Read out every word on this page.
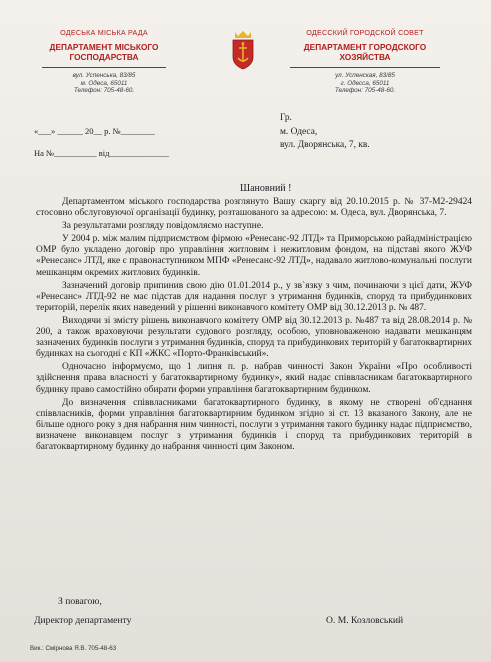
ОДЕСЬКА МІСЬКА РАДА
ДЕПАРТАМЕНТ МІСЬКОГО ГОСПОДАРСТВА
вул. Успенська, 83/85
м. Одеса, 65011
Телефон: 705-48-60.
ОДЕССКИЙ ГОРОДСКОЙ СОВЕТ
ДЕПАРТАМЕНТ ГОРОДСКОГО ХОЗЯЙСТВА
ул. Успенская, 83/85
г. Одесса, 65011
Телефон: 705-48-60.
«___» ______ 20__ р. №________
На №__________ від______________
Гр.
м. Одеса,
вул. Дворянська, 7, кв.
Шановний !

Департаментом міського господарства розглянуто Вашу скаргу від 20.10.2015 р. № 37-М2-29424 стосовно обслуговуючої організації будинку, розташованого за адресою: м. Одеса, вул. Дворянська, 7.

За результатами розгляду повідомляємо наступне.

У 2004 р. між малим підприємством фірмою «Ренесанс-92 ЛТД» та Приморською райадміністрацією ОМР було укладено договір про управління житловим і нежитловим фондом, на підставі якого ЖУФ «Ренесанс» ЛТД, яке є правонаступником МПФ «Ренесанс-92 ЛТД», надавало житлово-комунальні послуги мешканцям окремих житлових будинків.

Зазначений договір припинив свою дію 01.01.2014 р., у зв`язку з чим, починаючи з цієї дати, ЖУФ «Ренесанс» ЛТД-92 не має підстав для надання послуг з утримання будинків, споруд та прибудинкових територій, перелік яких наведений у рішенні виконавчого комітету ОМР від 30.12.2013 р. № 487.

Виходячи зі змісту рішень виконавчого комітету ОМР від 30.12.2013 р. №487 та від 28.08.2014 р. № 200, а також враховуючи результати судового розгляду, особою, уповноваженою надавати мешканцям зазначених будинків послуги з утримання будинків, споруд та прибудинкових територій у багатоквартирних будинках на сьогодні є КП «ЖКС «Порто-Франківський».

Одночасно інформуємо, що 1 липня п. р. набрав чинності Закон України «Про особливості здійснення права власності у багатоквартирному будинку», який надає співвласникам багатоквартирного будинку право самостійно обирати форми управління багатоквартирним будинком.

До визначення співвласниками багатоквартирного будинку, в якому не створені об'єднання співвласників, форми управління багатоквартирним будинком згідно зі ст. 13 вказаного Закону, але не більше одного року з дня набрання ним чинності, послуги з утримання такого будинку надає підприємство, визначене виконавцем послуг з утримання будинків і споруд та прибудинкових територій в багатоквартирному будинку до набрання чинності цим Законом.

З повагою,
Директор департаменту	О. М. Козловський
Вик.: Смірнова Я.В. 705-48-63
